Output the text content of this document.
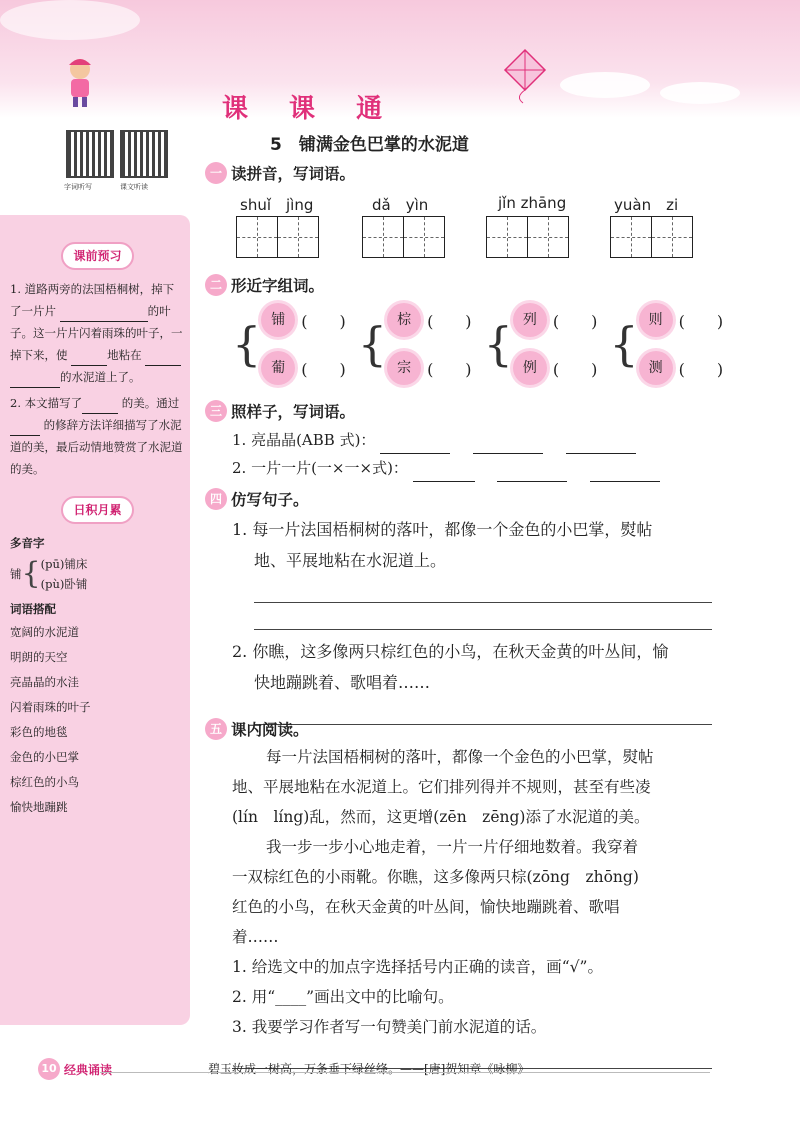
课 课 通
5　铺满金色巴掌的水泥道
字词听写	课文听读
课前预习
1. 道路两旁的法国梧桐树，掉下了一片片	的叶子。这一片片闪着雨珠的叶子，一掉下来，使	地粘在  的水泥道上了。
2. 本文描写了	的美。通过 的修辞方法详细描写了水泥道的美，最后动情地赞赏了水泥道的美。
日积月累
多音字
铺 { (pū)铺床
(pù)卧铺
词语搭配
宽阔的水泥道
明朗的天空
亮晶晶的水洼
闪着雨珠的叶子
彩色的地毯
金色的小巴掌
棕红色的小鸟
愉快地蹦跳
一 读拼音，写词语。
shuǐ　jìng	dǎ　yìn	jǐn zhāng	yuàn　zi
二 形近字组词。
{ 铺	(　　)
葡	(　　) { 棕	(　　)
宗	(　　) { 列	(　　)
例	(　　) { 则	(　　)
测	(　　)
三 照样子，写词语。
1. 亮晶晶(ABB 式)：
2. 一片一片(一×一×式)：
四 仿写句子。
1. 每一片法国梧桐树的落叶，都像一个金色的小巴掌，熨帖
地、平展地粘在水泥道上。
2. 你瞧，这多像两只棕红色的小鸟，在秋天金黄的叶丛间，愉
快地蹦跳着、歌唱着……
五 课内阅读。
每一片法国梧桐树的落叶，都像一个金色的小巴掌，熨帖
地、平展地粘在水泥道上。它们排列得并不规则，甚至有些凌
(lín　líng)乱，然而，这更增(zēn　zēng)添了水泥道的美。
我一步一步小心地走着，一片一片仔细地数着。我穿着
一双棕红色的小雨靴。你瞧，这多像两只棕(zōng　zhōng)
红色的小鸟，在秋天金黄的叶丛间，愉快地蹦跳着、歌唱
着……
1. 给选文中的加点字选择括号内正确的读音，画“√”。
2. 用“____”画出文中的比喻句。
3. 我要学习作者写一句赞美门前水泥道的话。
10 经典诵读	碧玉妆成一树高，万条垂下绿丝绦。——[唐]贺知章《咏柳》
